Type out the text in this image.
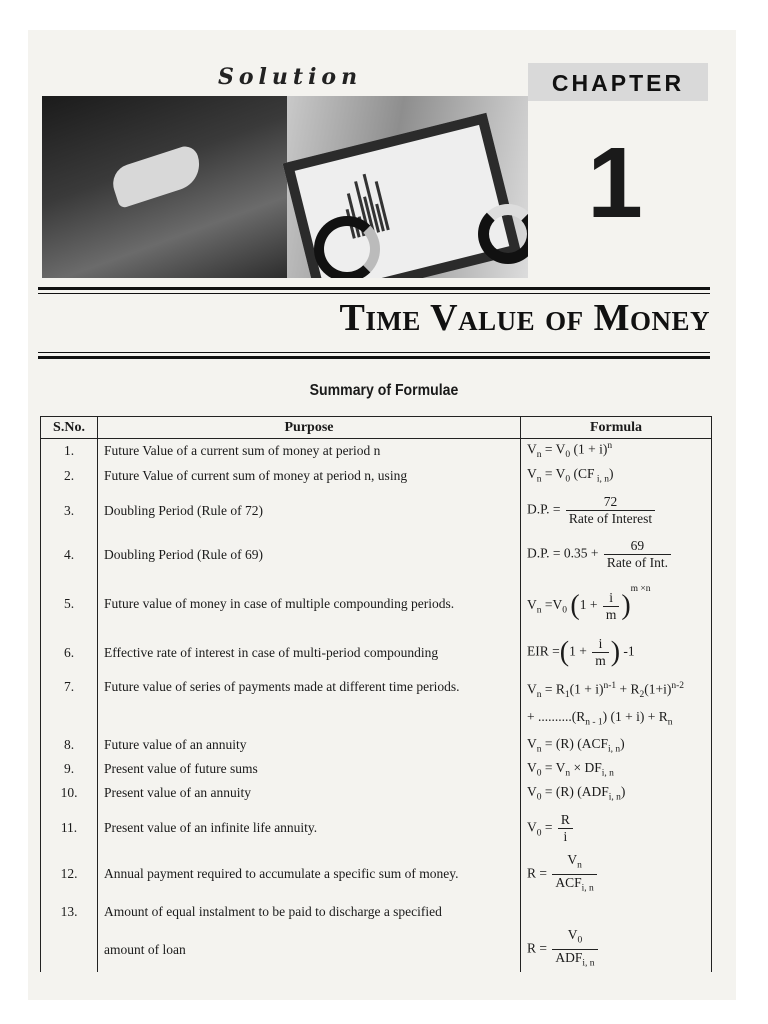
Solution	CHAPTER
1
Time Value of Money
Summary of Formulae
S.No.	Purpose	Formula
1.	Future Value of a current sum of money at period n	$V_n = V_0$ $(1 + i)^n$
2.	Future Value of current sum of money at period n, using	$V_n = V_0$ (CF $_{i, n}$)
3.	Doubling Period (Rule of 72)	D.P. = $\frac{72}{\text{Rate of Interest}}$

4.	Doubling Period (Rule of 69)	D.P. = $0.35 + \frac{69}{\text{Rate of Int.}}$

5.	Future value of money in case of multiple compounding periods.	$V_n =V_0$ $(1 + \frac{i}{m} )^{m \times n}$
6.	Effective rate of interest in case of multi-period compounding	EIR $=(1 + \frac{i}{m}$ ) -1
7.	Future value of series of payments made at different time periods.	$V_n = R_1(1 + i)^{n-1} + R_2(1+i)^{n-2}$
+ $..........(R_{n - 1}) (1 + i) + R_n$

8.	Future value of an annuity	$V_n = (R)$ $(ACF_{i, n})$
9.	Present value of future sums	$V_0 = V_n \times DF_{i, n}$
10.	Present value of an annuity	$V_0 = (R)$ $(ADF_{i, n})$
11.	Present value of an infinite life annuity.	$V_0 = \frac{R}{i}$

12.	Annual payment required to accumulate a specific sum of money.	$R = \frac{V_n}{ACF_{i, n}}$

13.	Amount of equal instalment to be paid to discharge a specified	
	amount of loan	$R = \frac{V_0}{ADF_{i, n}}$
